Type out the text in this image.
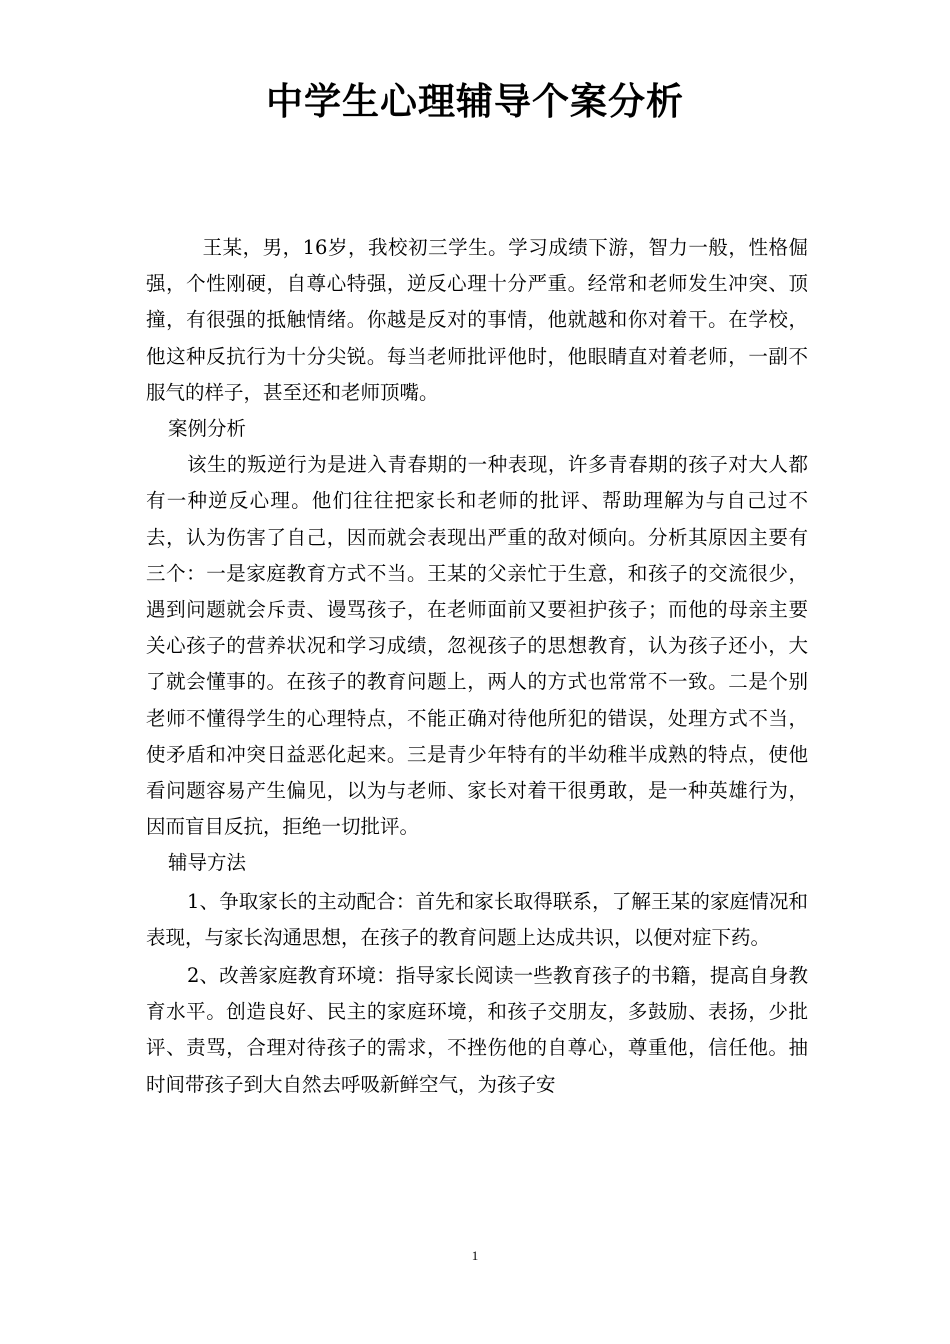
中学生心理辅导个案分析

王某，男，16岁，我校初三学生。学习成绩下游，智力一般，性格倔强，个性刚硬，自尊心特强，逆反心理十分严重。经常和老师发生冲突、顶撞，有很强的抵触情绪。你越是反对的事情，他就越和你对着干。在学校，他这种反抗行为十分尖锐。每当老师批评他时，他眼睛直对着老师，一副不服气的样子，甚至还和老师顶嘴。

案例分析

该生的叛逆行为是进入青春期的一种表现，许多青春期的孩子对大人都有一种逆反心理。他们往往把家长和老师的批评、帮助理解为与自己过不去，认为伤害了自己，因而就会表现出严重的敌对倾向。分析其原因主要有三个：一是家庭教育方式不当。王某的父亲忙于生意，和孩子的交流很少，遇到问题就会斥责、谩骂孩子，在老师面前又要袒护孩子；而他的母亲主要关心孩子的营养状况和学习成绩，忽视孩子的思想教育，认为孩子还小，大了就会懂事的。在孩子的教育问题上，两人的方式也常常不一致。二是个别老师不懂得学生的心理特点，不能正确对待他所犯的错误，处理方式不当，使矛盾和冲突日益恶化起来。三是青少年特有的半幼稚半成熟的特点，使他看问题容易产生偏见，以为与老师、家长对着干很勇敢，是一种英雄行为，因而盲目反抗，拒绝一切批评。

辅导方法

1、争取家长的主动配合：首先和家长取得联系，了解王某的家庭情况和表现，与家长沟通思想，在孩子的教育问题上达成共识，以便对症下药。

2、改善家庭教育环境：指导家长阅读一些教育孩子的书籍，提高自身教育水平。创造良好、民主的家庭环境，和孩子交朋友，多鼓励、表扬，少批评、责骂，合理对待孩子的需求，不挫伤他的自尊心，尊重他，信任他。抽时间带孩子到大自然去呼吸新鲜空气，为孩子安

1
